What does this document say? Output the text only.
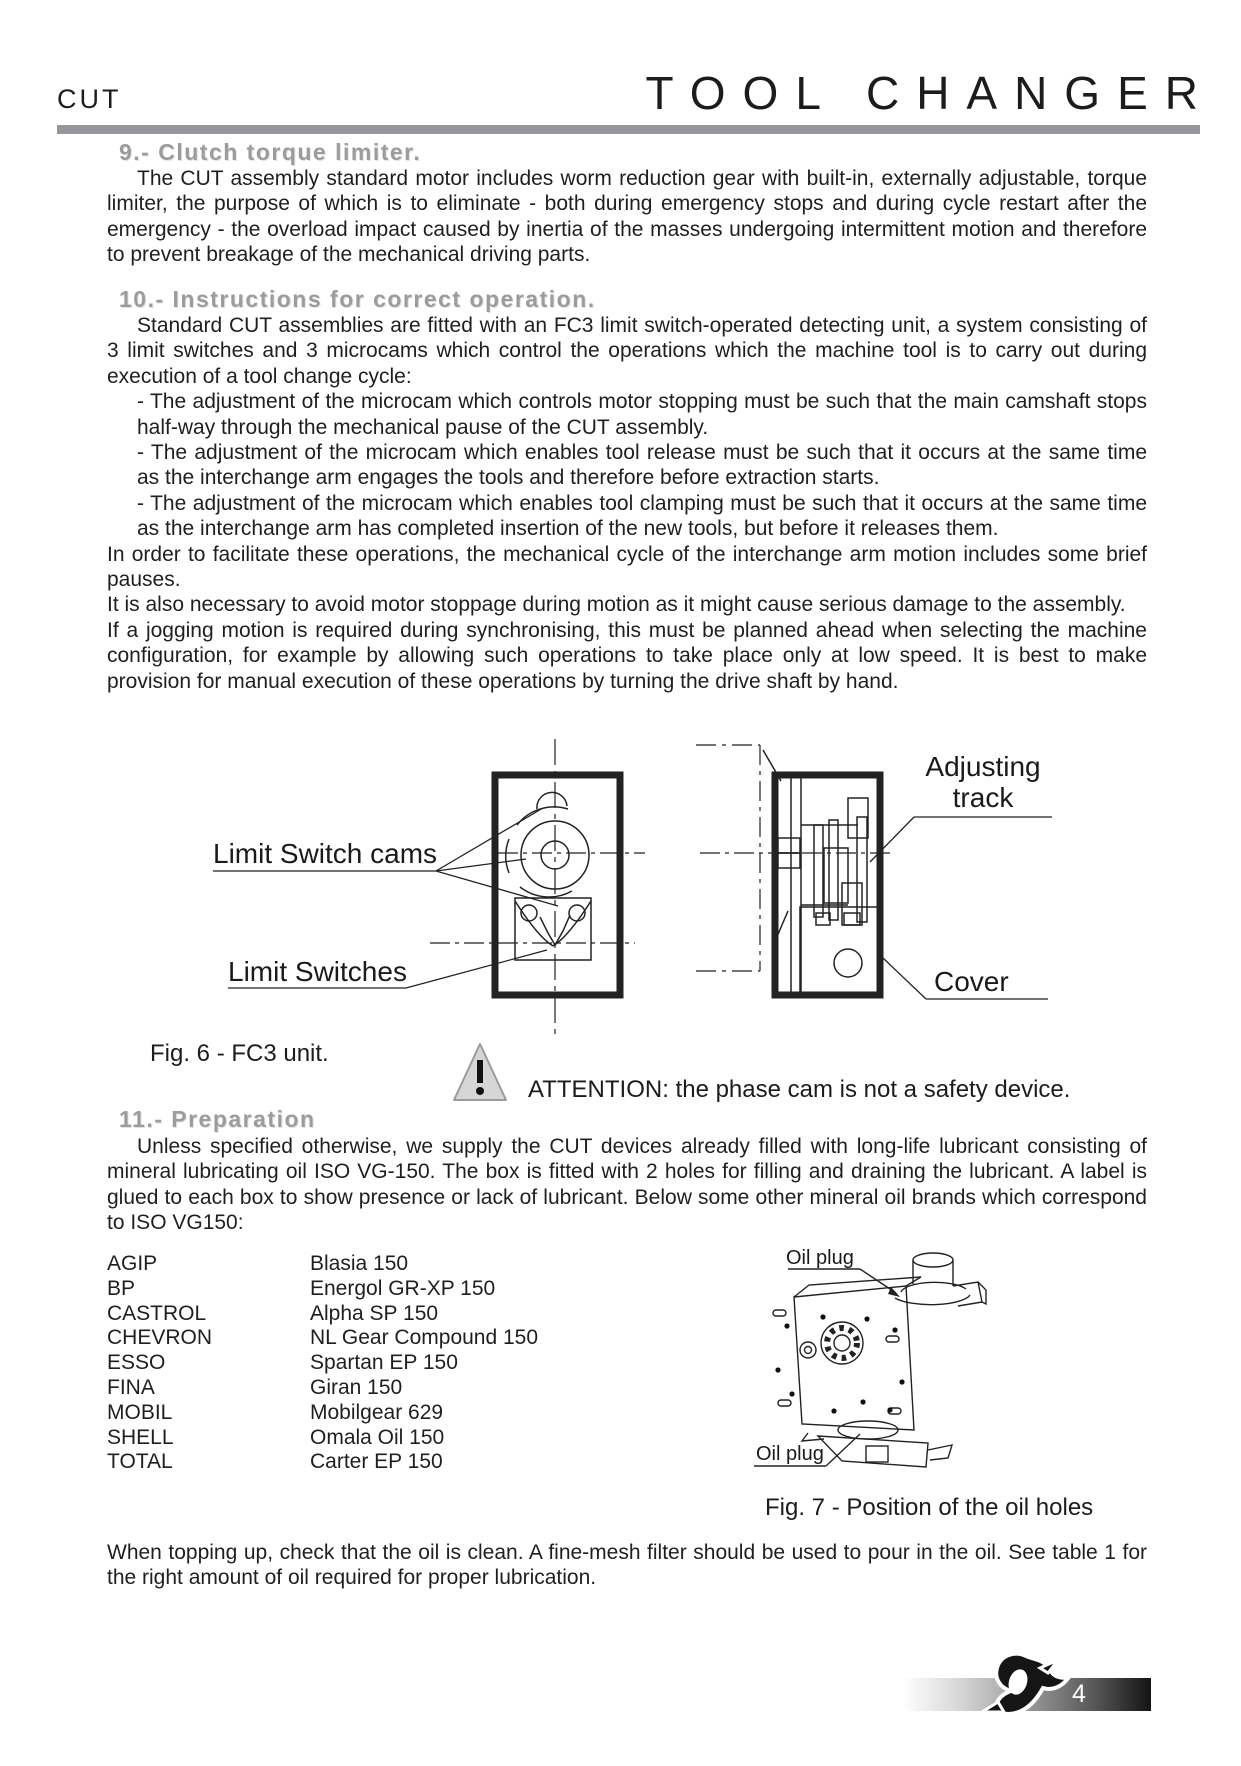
CUT	TOOL CHANGER
9.- Clutch torque limiter.

The CUT assembly standard motor includes worm reduction gear with built-in, externally adjustable, torque limiter, the purpose of which is to eliminate - both during emergency stops and during cycle restart after the emergency - the overload impact caused by inertia of the masses undergoing intermittent motion and therefore to prevent breakage of the mechanical driving parts.

10.- Instructions for correct operation.

Standard CUT assemblies are fitted with an FC3 limit switch-operated detecting unit, a system consisting of 3 limit switches and 3 microcams which control the operations which the machine tool is to carry out during execution of a tool change cycle:

- The adjustment of the microcam which controls motor stopping must be such that the main camshaft stops half-way through the mechanical pause of the CUT assembly.

- The adjustment of the microcam which enables tool release must be such that it occurs at the same time as the interchange arm engages the tools and therefore before extraction starts.

- The adjustment of the microcam which enables tool clamping must be such that it occurs at the same time as the interchange arm has completed insertion of the new tools, but before it releases them.

In order to facilitate these operations, the mechanical cycle of the interchange arm motion includes some brief pauses.

It is also necessary to avoid motor stoppage during motion as it might cause serious damage to the assembly.

If a jogging motion is required during synchronising, this must be planned ahead when selecting the machine configuration, for example by allowing such operations to take place only at low speed. It is best to make provision for manual execution of these operations by turning the drive shaft by hand.

Limit Switch cams
Limit Switches
Adjusting
track
Cover
Fig. 6 - FC3 unit.
ATTENTION: the phase cam is not a safety device.
11.- Preparation

Unless specified otherwise, we supply the CUT devices already filled with long-life lubricant consisting of mineral lubricating oil ISO VG-150. The box is fitted with 2 holes for filling and draining the lubricant. A label is glued to each box to show presence or lack of lubricant. Below some other mineral oil brands which correspond to ISO VG150:

AGIP	Blasia 150
BP	Energol GR-XP 150
CASTROL	Alpha SP 150
CHEVRON	NL Gear Compound 150
ESSO	Spartan EP 150
FINA	Giran 150
MOBIL	Mobilgear 629
SHELL	Omala Oil 150
TOTAL	Carter EP 150
Oil plug
Oil plug
Fig. 7 - Position of the oil holes

When topping up, check that the oil is clean. A fine-mesh filter should be used to pour in the oil. See table 1 for the right amount of oil required for proper lubrication.

4
